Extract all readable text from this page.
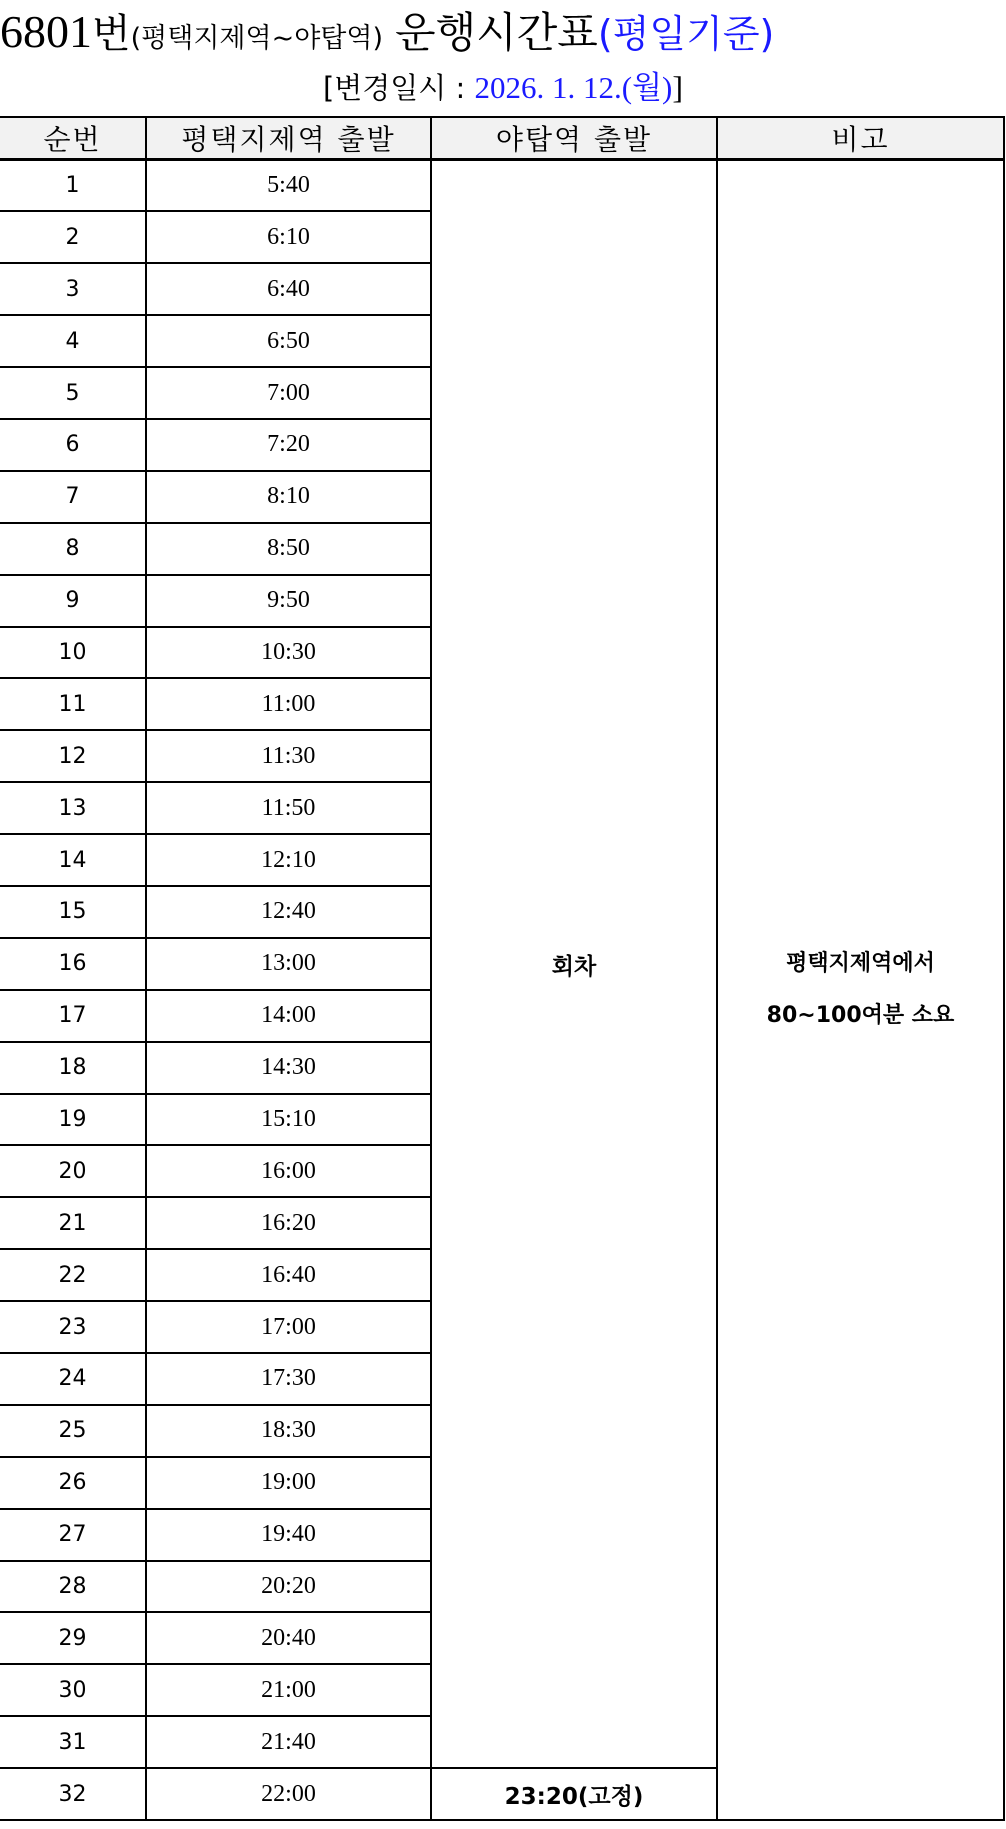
6801번(평택지제역~야탑역) 운행시간표(평일기준)
[변경일시 : 2026. 1. 12.(월)]
순번	평택지제역 출발	야탑역 출발	비고
1	5:40	회차	평택지제역에서
80~100여분 소요

2	6:10		
3	6:40		
4	6:50		
5	7:00		
6	7:20		
7	8:10		
8	8:50		
9	9:50		
10	10:30		
11	11:00		
12	11:30		
13	11:50		
14	12:10		
15	12:40		
16	13:00		
17	14:00		
18	14:30		
19	15:10		
20	16:00		
21	16:20		
22	16:40		
23	17:00		
24	17:30		
25	18:30		
26	19:00		
27	19:40		
28	20:20		
29	20:40		
30	21:00		
31	21:40		
32	22:00	23:20(고정)	
